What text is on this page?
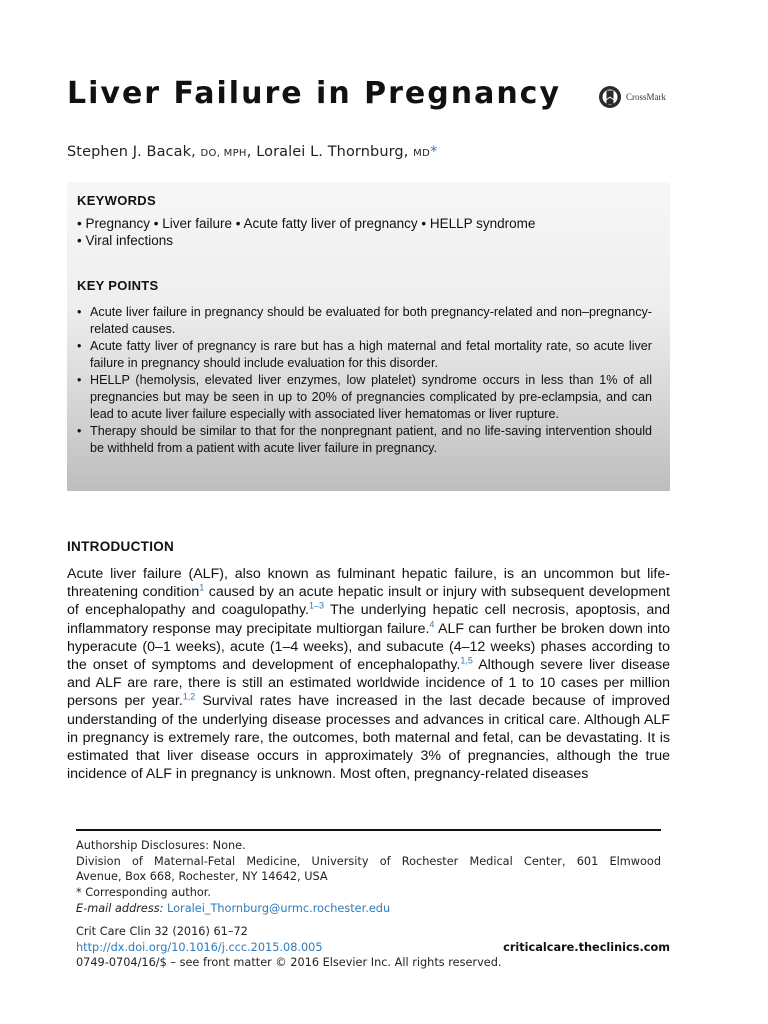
Liver Failure in Pregnancy	CrossMark
Stephen J. Bacak, DO, MPH, Loralei L. Thornburg, MD*
KEYWORDS
• Pregnancy • Liver failure • Acute fatty liver of pregnancy • HELLP syndrome
• Viral infections
KEY POINTS
• Acute liver failure in pregnancy should be evaluated for both pregnancy-related and non–pregnancy-related causes.
• Acute fatty liver of pregnancy is rare but has a high maternal and fetal mortality rate, so acute liver failure in pregnancy should include evaluation for this disorder.
• HELLP (hemolysis, elevated liver enzymes, low platelet) syndrome occurs in less than 1% of all pregnancies but may be seen in up to 20% of pregnancies complicated by pre-eclampsia, and can lead to acute liver failure especially with associated liver hematomas or liver rupture.
• Therapy should be similar to that for the nonpregnant patient, and no life-saving intervention should be withheld from a patient with acute liver failure in pregnancy.
INTRODUCTION

Acute liver failure (ALF), also known as fulminant hepatic failure, is an uncommon but life-threatening condition$^1$ caused by an acute hepatic insult or injury with subsequent development of encephalopathy and coagulopathy.$^{1-3}$ The underlying hepatic cell necrosis, apoptosis, and inflammatory response may precipitate multiorgan failure.$^4$ ALF can further be broken down into hyperacute (0–1 weeks), acute (1–4 weeks), and subacute (4–12 weeks) phases according to the onset of symptoms and development of encephalopathy.$^{1,5}$ Although severe liver disease and ALF are rare, there is still an estimated worldwide incidence of 1 to 10 cases per million persons per year.$^{1,2}$ Survival rates have increased in the last decade because of improved understanding of the underlying disease processes and advances in critical care. Although ALF in pregnancy is extremely rare, the outcomes, both maternal and fetal, can be devastating. It is estimated that liver disease occurs in approximately 3% of pregnancies, although the true incidence of ALF in pregnancy is unknown. Most often, pregnancy-related diseases

Authorship Disclosures: None.
Division of Maternal-Fetal Medicine, University of Rochester Medical Center, 601 Elmwood
Avenue, Box 668, Rochester, NY 14642, USA
* Corresponding author.
E-mail address: Loralei_Thornburg@urmc.rochester.edu
Crit Care Clin 32 (2016) 61–72
http://dx.doi.org/10.1016/j.ccc.2015.08.005	criticalcare.theclinics.com
0749-0704/16/$ – see front matter © 2016 Elsevier Inc. All rights reserved.
